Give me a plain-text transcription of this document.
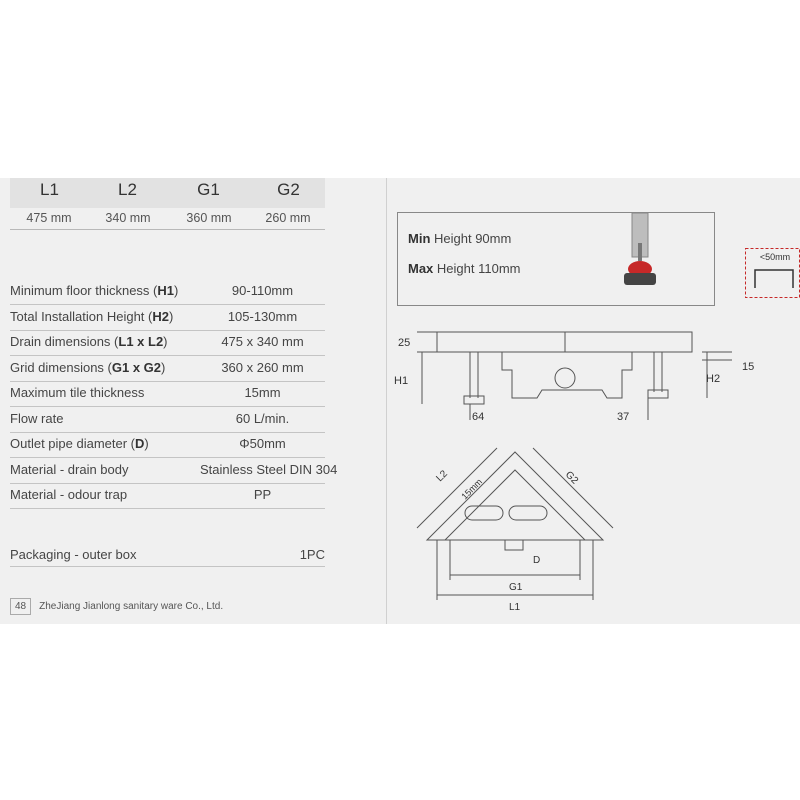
L1	L2	G1	G2
475 mm	340 mm	360 mm	260 mm
Minimum floor thickness (H1)	90-110mm
Total Installation Height (H2)	105-130mm
Drain dimensions (L1 x L2)	475 x 340 mm
Grid dimensions (G1 x G2)	360 x 260 mm
Maximum tile thickness	15mm
Flow rate	60 L/min.
Outlet pipe diameter (D)	Φ50mm
Material - drain body	Stainless Steel DIN 304
Material - odour trap	PP
Packaging - outer box	1PC
48 ZheJiang Jianlong sanitary ware Co., Ltd.
Min Height 90mm
Max Height 110mm
<50mm
25
H1
64	37
H2
15
L2	G2
15mm
D
G1
L1
